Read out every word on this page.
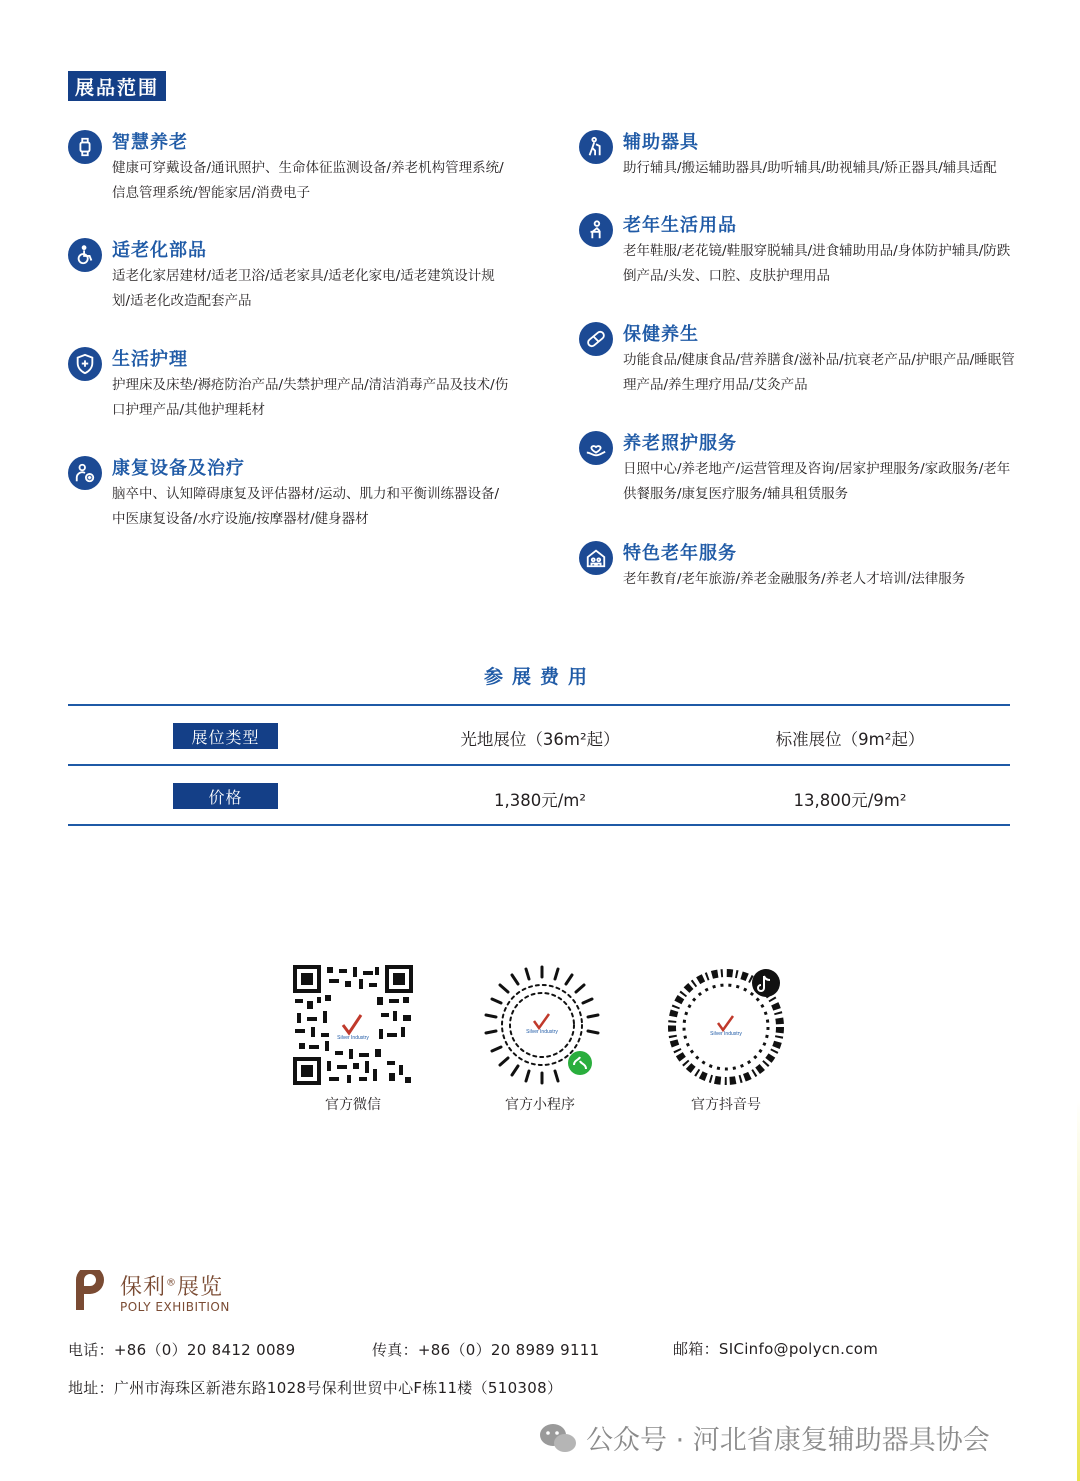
展品范围
智慧养老
健康可穿戴设备/通讯照护、生命体征监测设备/养老机构管理系统/信息管理系统/智能家居/消费电子
适老化部品
适老化家居建材/适老卫浴/适老家具/适老化家电/适老建筑设计规划/适老化改造配套产品
生活护理
护理床及床垫/褥疮防治产品/失禁护理产品/清洁消毒产品及技术/伤口护理产品/其他护理耗材
康复设备及治疗
脑卒中、认知障碍康复及评估器材/运动、肌力和平衡训练器设备/中医康复设备/水疗设施/按摩器材/健身器材
辅助器具
助行辅具/搬运辅助器具/助听辅具/助视辅具/矫正器具/辅具适配
老年生活用品
老年鞋服/老花镜/鞋服穿脱辅具/进食辅助用品/身体防护辅具/防跌倒产品/头发、口腔、皮肤护理用品
保健养生
功能食品/健康食品/营养膳食/滋补品/抗衰老产品/护眼产品/睡眠管理产品/养生理疗用品/艾灸产品
养老照护服务
日照中心/养老地产/运营管理及咨询/居家护理服务/家政服务/老年供餐服务/康复医疗服务/辅具租赁服务
特色老年服务
老年教育/老年旅游/养老金融服务/养老人才培训/法律服务
参展费用
展位类型	光地展位（36m²起）	标准展位（9m²起）
价格	1,380元/m²	13,800元/9m²
Silver Industry
官方微信
Silver Industry
官方小程序
Silver Industry
官方抖音号
保利®展览
POLY EXHIBITION
电话：+86（0）20 8412 0089	传真：+86（0）20 8989 9111	邮箱：SICinfo@polycn.com
地址：广州市海珠区新港东路1028号保利世贸中心F栋11楼（510308）
公众号 · 河北省康复辅助器具协会
